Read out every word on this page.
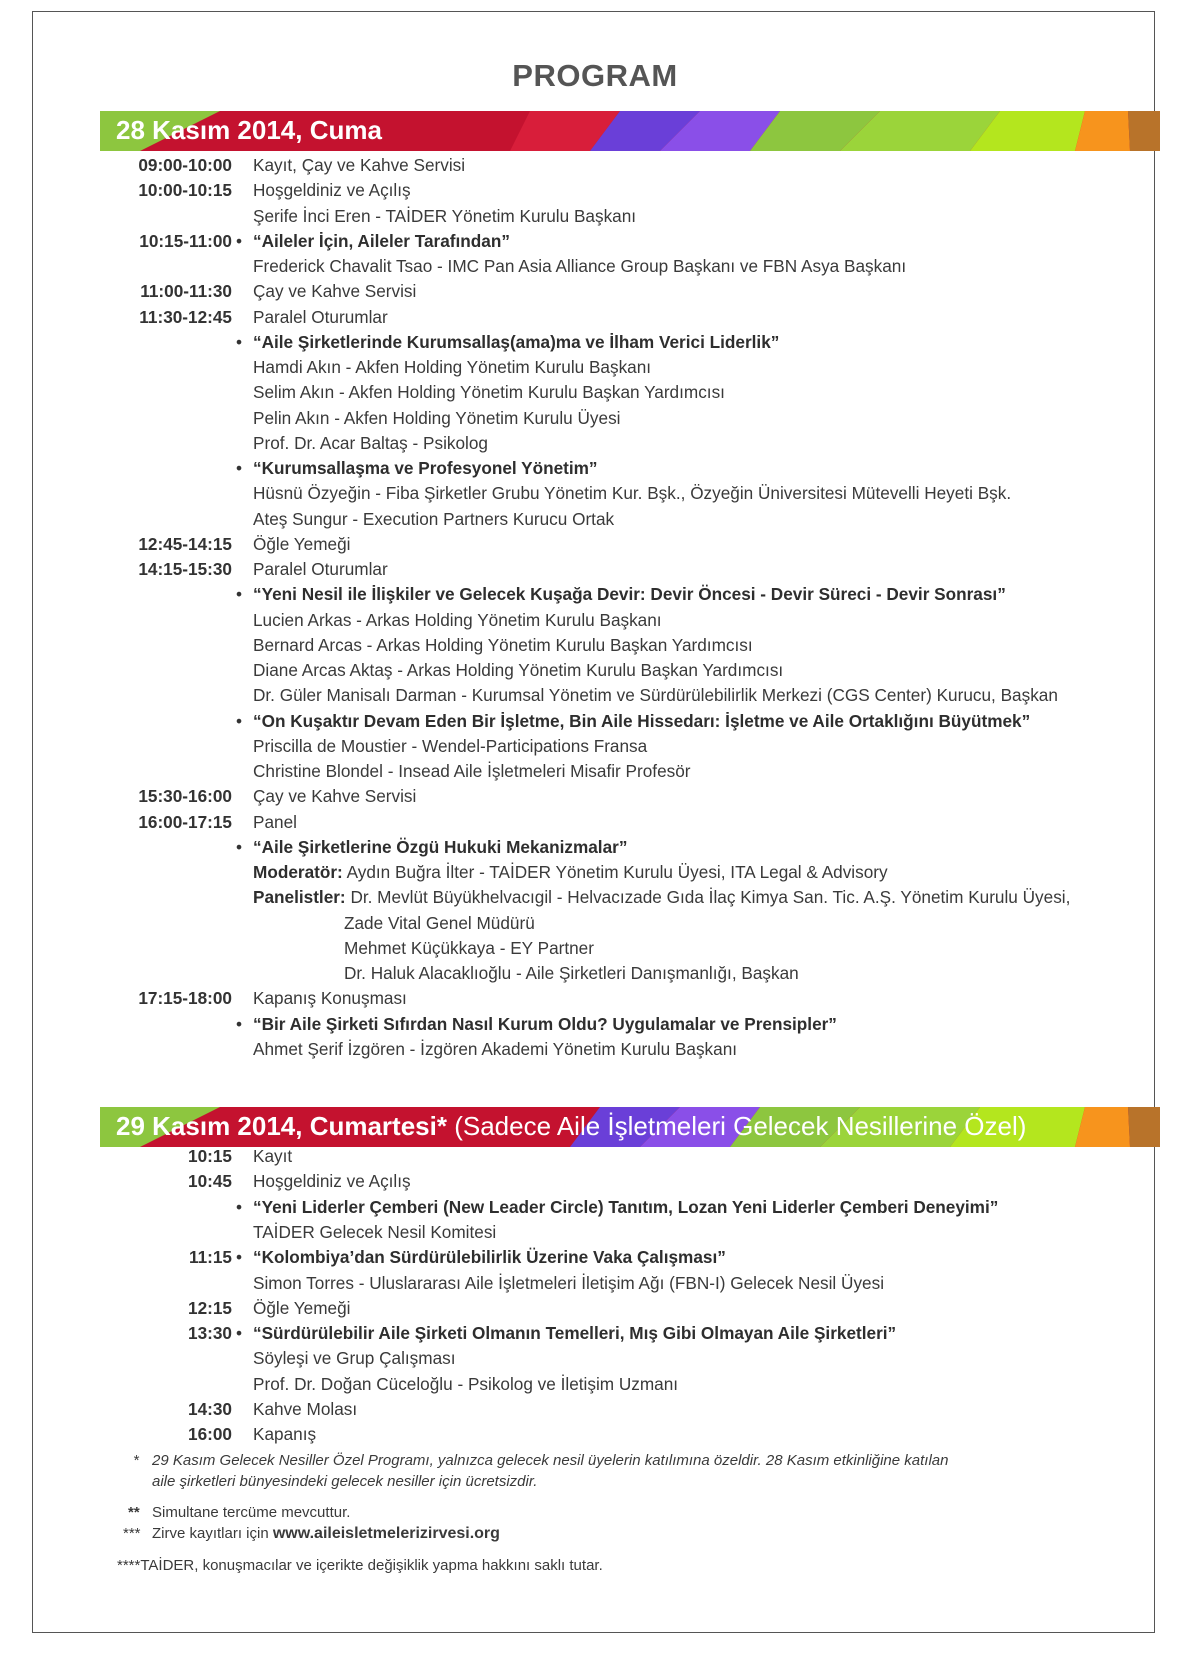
PROGRAM
28 Kasım 2014, Cuma
09:00-10:00 Kayıt, Çay ve Kahve Servisi
10:00-10:15 Hoşgeldiniz ve Açılış
Şerife İnci Eren - TAİDER Yönetim Kurulu Başkanı
10:15-11:00 • “Aileler İçin, Aileler Tarafından”
Frederick Chavalit Tsao - IMC Pan Asia Alliance Group Başkanı ve FBN Asya Başkanı
11:00-11:30 Çay ve Kahve Servisi
11:30-12:45 Paralel Oturumlar
• “Aile Şirketlerinde Kurumsallaş(ama)ma ve İlham Verici Liderlik”
Hamdi Akın - Akfen Holding Yönetim Kurulu Başkanı
Selim Akın - Akfen Holding Yönetim Kurulu Başkan Yardımcısı
Pelin Akın - Akfen Holding Yönetim Kurulu Üyesi
Prof. Dr. Acar Baltaş - Psikolog
• “Kurumsallaşma ve Profesyonel Yönetim”
Hüsnü Özyeğin - Fiba Şirketler Grubu Yönetim Kur. Bşk., Özyeğin Üniversitesi Mütevelli Heyeti Bşk.
Ateş Sungur - Execution Partners Kurucu Ortak
12:45-14:15 Öğle Yemeği
14:15-15:30 Paralel Oturumlar
• “Yeni Nesil ile İlişkiler ve Gelecek Kuşağa Devir: Devir Öncesi - Devir Süreci - Devir Sonrası”
Lucien Arkas - Arkas Holding Yönetim Kurulu Başkanı
Bernard Arcas - Arkas Holding Yönetim Kurulu Başkan Yardımcısı
Diane Arcas Aktaş - Arkas Holding Yönetim Kurulu Başkan Yardımcısı
Dr. Güler Manisalı Darman - Kurumsal Yönetim ve Sürdürülebilirlik Merkezi (CGS Center) Kurucu, Başkan
• “On Kuşaktır Devam Eden Bir İşletme, Bin Aile Hissedarı: İşletme ve Aile Ortaklığını Büyütmek”
Priscilla de Moustier - Wendel-Participations Fransa
Christine Blondel - Insead Aile İşletmeleri Misafir Profesör
15:30-16:00 Çay ve Kahve Servisi
16:00-17:15 Panel
• “Aile Şirketlerine Özgü Hukuki Mekanizmalar”
Moderatör: Aydın Buğra İlter - TAİDER Yönetim Kurulu Üyesi, ITA Legal & Advisory
Panelistler: Dr. Mevlüt Büyükhelvacıgil - Helvacızade Gıda İlaç Kimya San. Tic. A.Ş. Yönetim Kurulu Üyesi,
Zade Vital Genel Müdürü
Mehmet Küçükkaya - EY Partner
Dr. Haluk Alacaklıoğlu - Aile Şirketleri Danışmanlığı, Başkan
17:15-18:00 Kapanış Konuşması
• “Bir Aile Şirketi Sıfırdan Nasıl Kurum Oldu? Uygulamalar ve Prensipler”
Ahmet Şerif İzgören - İzgören Akademi Yönetim Kurulu Başkanı
29 Kasım 2014, Cumartesi* (Sadece Aile İşletmeleri Gelecek Nesillerine Özel)
10:15 Kayıt
10:45 Hoşgeldiniz ve Açılış
• “Yeni Liderler Çemberi (New Leader Circle) Tanıtım, Lozan Yeni Liderler Çemberi Deneyimi”
TAİDER Gelecek Nesil Komitesi
11:15 • “Kolombiya’dan Sürdürülebilirlik Üzerine Vaka Çalışması”
Simon Torres - Uluslararası Aile İşletmeleri İletişim Ağı (FBN-I) Gelecek Nesil Üyesi
12:15 Öğle Yemeği
13:30 • “Sürdürülebilir Aile Şirketi Olmanın Temelleri, Mış Gibi Olmayan Aile Şirketleri”
Söyleşi ve Grup Çalışması
Prof. Dr. Doğan Cüceloğlu - Psikolog ve İletişim Uzmanı
14:30 Kahve Molası
16:00 Kapanış
* 29 Kasım Gelecek Nesiller Özel Programı, yalnızca gelecek nesil üyelerin katılımına özeldir. 28 Kasım etkinliğine katılan
aile şirketleri bünyesindeki gelecek nesiller için ücretsizdir.
** Simultane tercüme mevcuttur.
*** Zirve kayıtları için www.aileisletmelerizirvesi.org
****TAİDER, konuşmacılar ve içerikte değişiklik yapma hakkını saklı tutar.
